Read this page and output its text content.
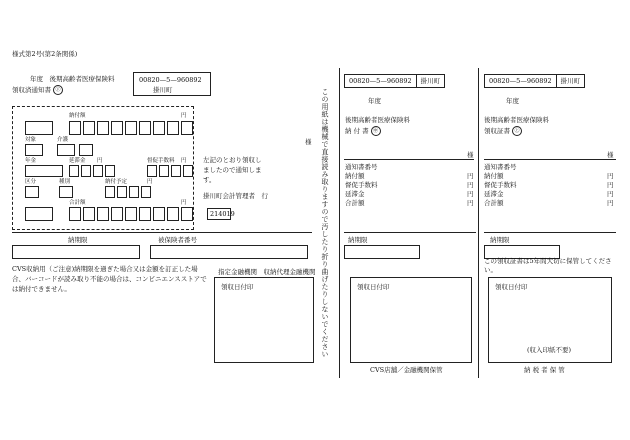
様式第2号(第2条関係)
年度　後期高齢者医療保険料
領収済通知書 ㊦
00820—5—960892
掛川町
様
納付額	円
対象	介護
年金	延滞金 円	督促手数料 円
区分	種別	納付予定	円
合計額	円
左記のとおり領収し
ましたので通知しま
す。
掛川町会計管理者　行
214019
納期限	被保険者番号
CVS収納用（ご注意)納期限を過ぎた場合又は金額を訂正した場合、バーコードが読み取り不能の場合は、コンビニエンスストアでは納付できません。
指定金融機関　収納代理金融機関
領収日付印	この用紙は機械で直接読み取りますので汚したり折り曲げたりしないでください
00820—5—960892	掛川町
年度
後期高齢者医療保険料
納 付 書 ㊥
様
通知書番号
納付額	円
督促手数料	円
延滞金	円
合計額	円
納期限
領収日付印
CVS店舗／金融機関保管
00820—5—960892	掛川町
年度
後期高齢者医療保険料
領収証書 ㊤
様
通知書番号
納付額	円
督促手数料	円
延滞金	円
合計額	円
納期限
この領収証書は5年間大切に保管してください。
領収日付印
(収入印紙不要)
納 税 者 保 管
